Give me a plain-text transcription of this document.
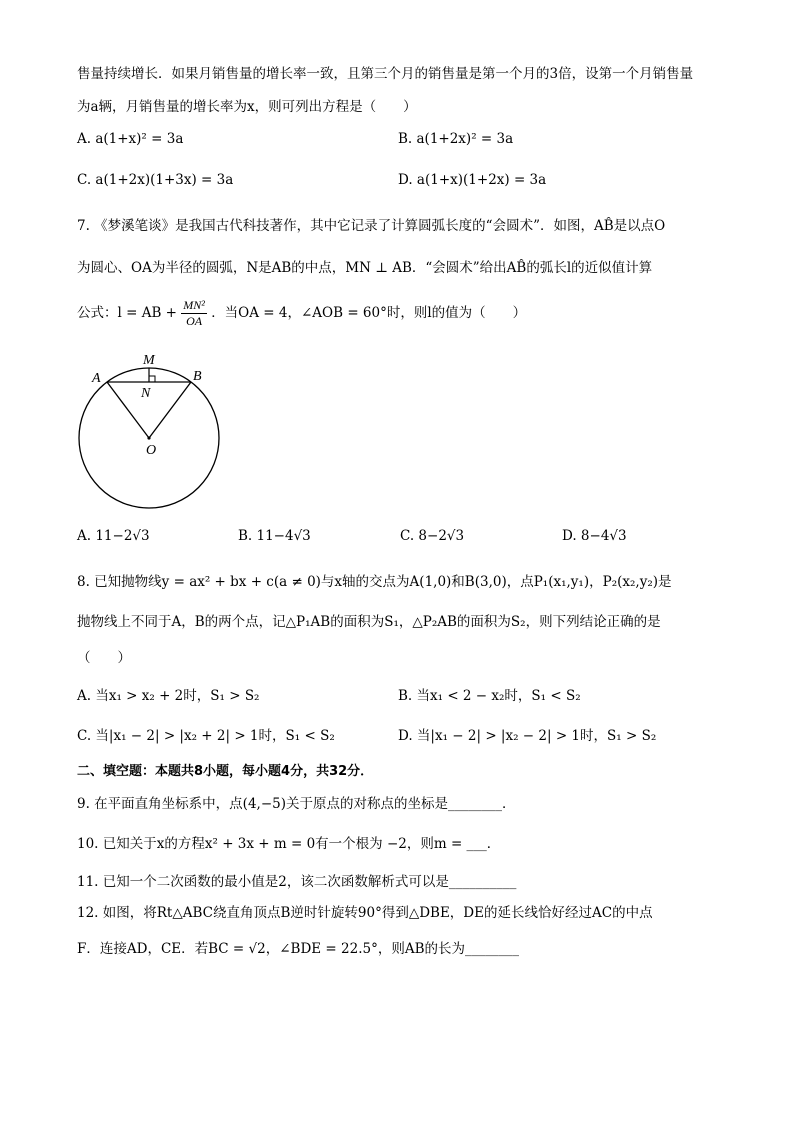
售量持续增长．如果月销售量的增长率一致，且第三个月的销售量是第一个月的3倍，设第一个月销售量
为a辆，月销售量的增长率为x，则可列出方程是（　　）
A. a(1+x)² = 3a	B. a(1+2x)² = 3a
C. a(1+2x)(1+3x) = 3a	D. a(1+x)(1+2x) = 3a
7. 《梦溪笔谈》是我国古代科技著作，其中它记录了计算圆弧长度的“会圆术”．如图，AB̂是以点O
为圆心、OA为半径的圆弧，N是AB的中点，MN ⊥ AB．“会圆术”给出AB̂的弧长l的近似值计算
公式：l = AB + $\frac{\text{MN²}}{OA}$ ．当OA = 4，∠AOB = 60°时，则l的值为（　　）
M
A	B
N
O
A. 11−2√3	B. 11−4√3	C. 8−2√3	D. 8−4√3
8. 已知抛物线y = ax² + bx + c(a ≠ 0)与x轴的交点为A(1,0)和B(3,0)，点P₁(x₁,y₁)，P₂(x₂,y₂)是
抛物线上不同于A，B的两个点，记△P₁AB的面积为S₁，△P₂AB的面积为S₂，则下列结论正确的是
（　　）
A. 当x₁ > x₂ + 2时，S₁ > S₂	B. 当x₁ < 2 − x₂时，S₁ < S₂
C. 当|x₁ − 2| > |x₂ + 2| > 1时，S₁ < S₂	D. 当|x₁ − 2| > |x₂ − 2| > 1时，S₁ > S₂
二、填空题：本题共8小题，每小题4分，共32分．
9. 在平面直角坐标系中，点(4,−5)关于原点的对称点的坐标是________．
10. 已知关于x的方程x² + 3x + m = 0有一个根为 −2，则m = ___．
11. 已知一个二次函数的最小值是2，该二次函数解析式可以是__________
12. 如图，将Rt△ABC绕直角顶点B逆时针旋转90°得到△DBE，DE的延长线恰好经过AC的中点
F．连接AD，CE．若BC = √2，∠BDE = 22.5°，则AB的长为________
